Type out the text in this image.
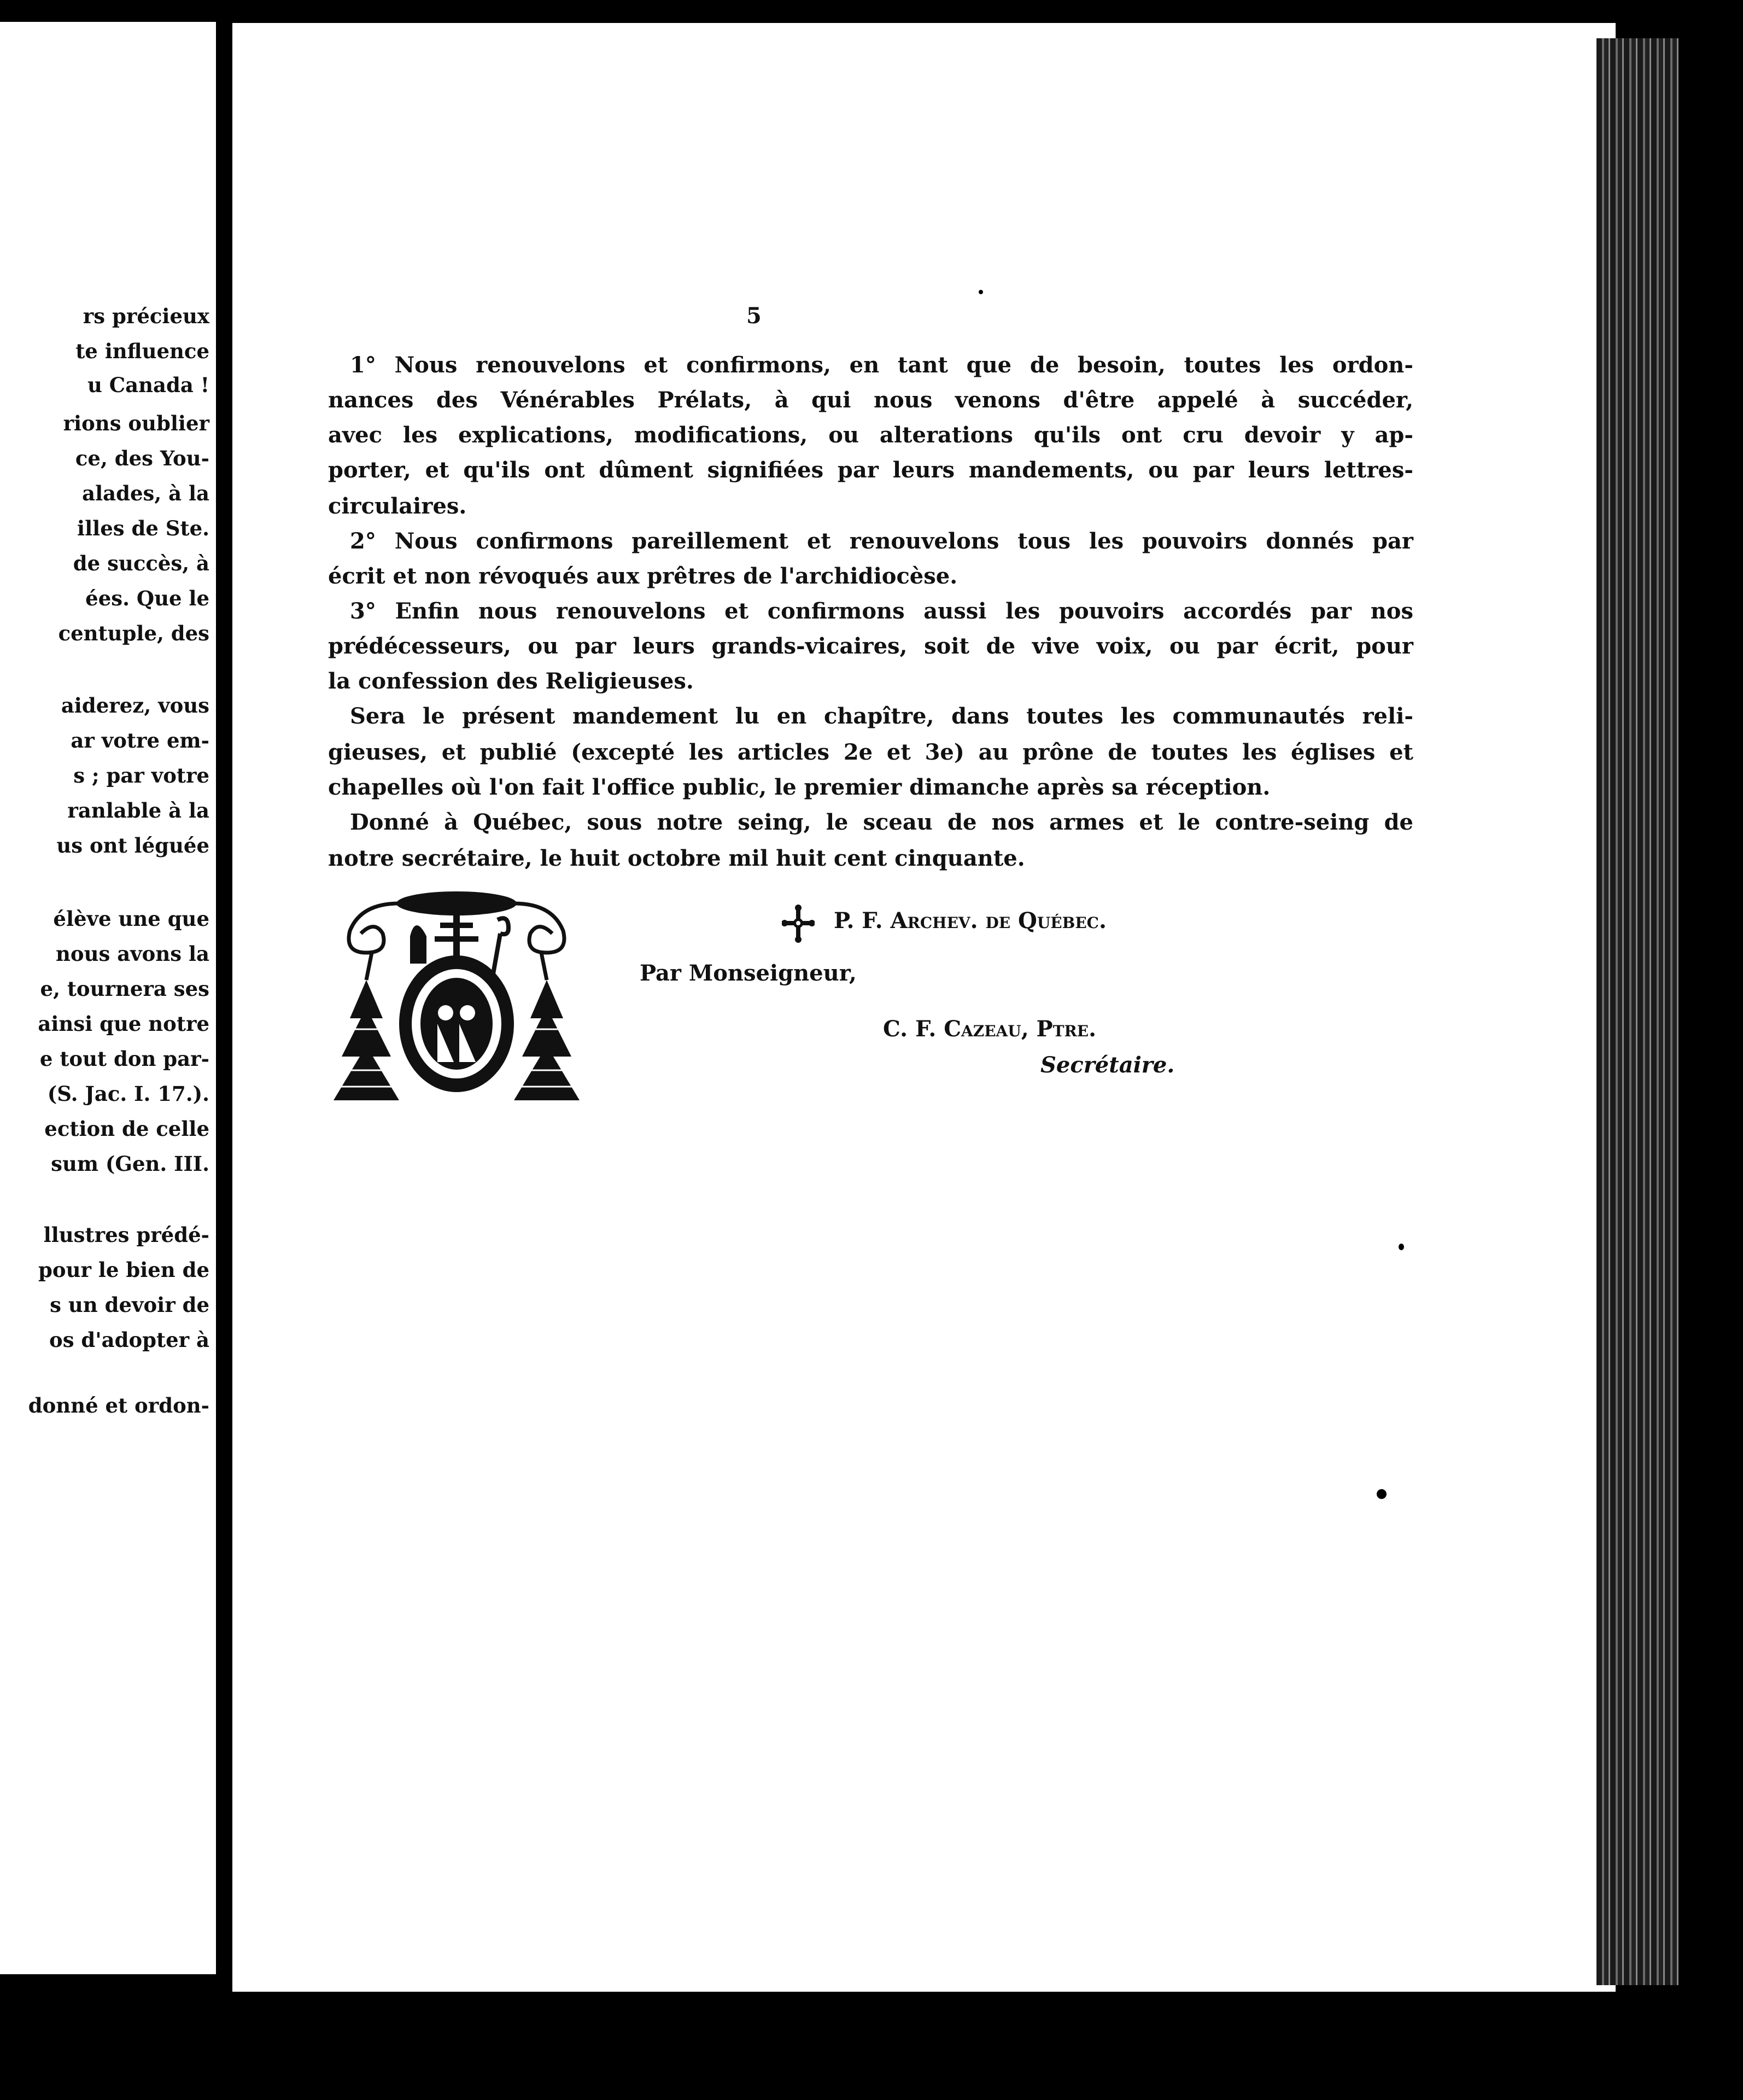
rs précieux
te influence
u Canada !
rions oublier
ce, des You-
alades, à la
illes de Ste.
de succès, à
ées. Que le
centuple, des
aiderez, vous
ar votre em-
s ; par votre
ranlable à la
us ont léguée
élève une que
nous avons la
e, tournera ses
ainsi que notre
e tout don par-
(S. Jac. I. 17.).
ection de celle
sum (Gen. III.
llustres prédé-
pour le bien de
s un devoir de
os d'adopter à
donné et ordon-
5
1° Nous renouvelons et confirmons, en tant que de besoin, toutes les ordon-
nances des Vénérables Prélats, à qui nous venons d'être appelé à succéder,
avec les explications, modifications, ou alterations qu'ils ont cru devoir y ap-
porter, et qu'ils ont dûment signifiées par leurs mandements, ou par leurs lettres-
circulaires.
2° Nous confirmons pareillement et renouvelons tous les pouvoirs donnés par
écrit et non révoqués aux prêtres de l'archidiocèse.
3° Enfin nous renouvelons et confirmons aussi les pouvoirs accordés par nos
prédécesseurs, ou par leurs grands-vicaires, soit de vive voix, ou par écrit, pour
la confession des Religieuses.
Sera le présent mandement lu en chapître, dans toutes les communautés reli-
gieuses, et publié (excepté les articles 2e et 3e) au prône de toutes les églises et
chapelles où l'on fait l'office public, le premier dimanche après sa réception.
Donné à Québec, sous notre seing, le sceau de nos armes et le contre-seing de
notre secrétaire, le huit octobre mil huit cent cinquante.
P. F. Archev. de Québec.
Par Monseigneur,
C. F. Cazeau, Ptre.
Secrétaire.
